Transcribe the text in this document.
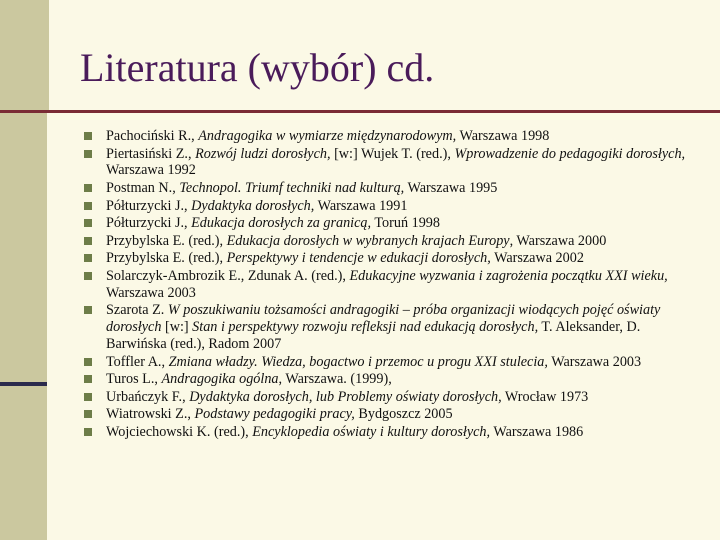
Literatura (wybór) cd.
Pachociński R., Andragogika w wymiarze międzynarodowym, Warszawa 1998
Piertasiński Z., Rozwój ludzi dorosłych, [w:] Wujek T. (red.), Wprowadzenie do pedagogiki dorosłych, Warszawa 1992
Postman N., Technopol. Triumf techniki nad kulturą, Warszawa 1995
Półturzycki J., Dydaktyka dorosłych, Warszawa 1991
Półturzycki J., Edukacja dorosłych za granicą, Toruń 1998
Przybylska E. (red.), Edukacja dorosłych w wybranych krajach Europy, Warszawa 2000
Przybylska E. (red.), Perspektywy i tendencje w edukacji dorosłych, Warszawa 2002
Solarczyk-Ambrozik E., Zdunak A. (red.), Edukacyjne wyzwania i zagrożenia początku XXI wieku, Warszawa 2003
Szarota Z. W poszukiwaniu tożsamości andragogiki – próba organizacji wiodących pojęć oświaty dorosłych [w:] Stan i perspektywy rozwoju refleksji nad edukacją dorosłych, T. Aleksander, D. Barwińska (red.), Radom 2007
Toffler A., Zmiana władzy. Wiedza, bogactwo i przemoc u progu XXI stulecia, Warszawa 2003
Turos L., Andragogika ogólna, Warszawa. (1999),
Urbańczyk F., Dydaktyka dorosłych, lub Problemy oświaty dorosłych, Wrocław 1973
Wiatrowski Z., Podstawy pedagogiki pracy, Bydgoszcz 2005
Wojciechowski K. (red.), Encyklopedia oświaty i kultury dorosłych, Warszawa 1986
